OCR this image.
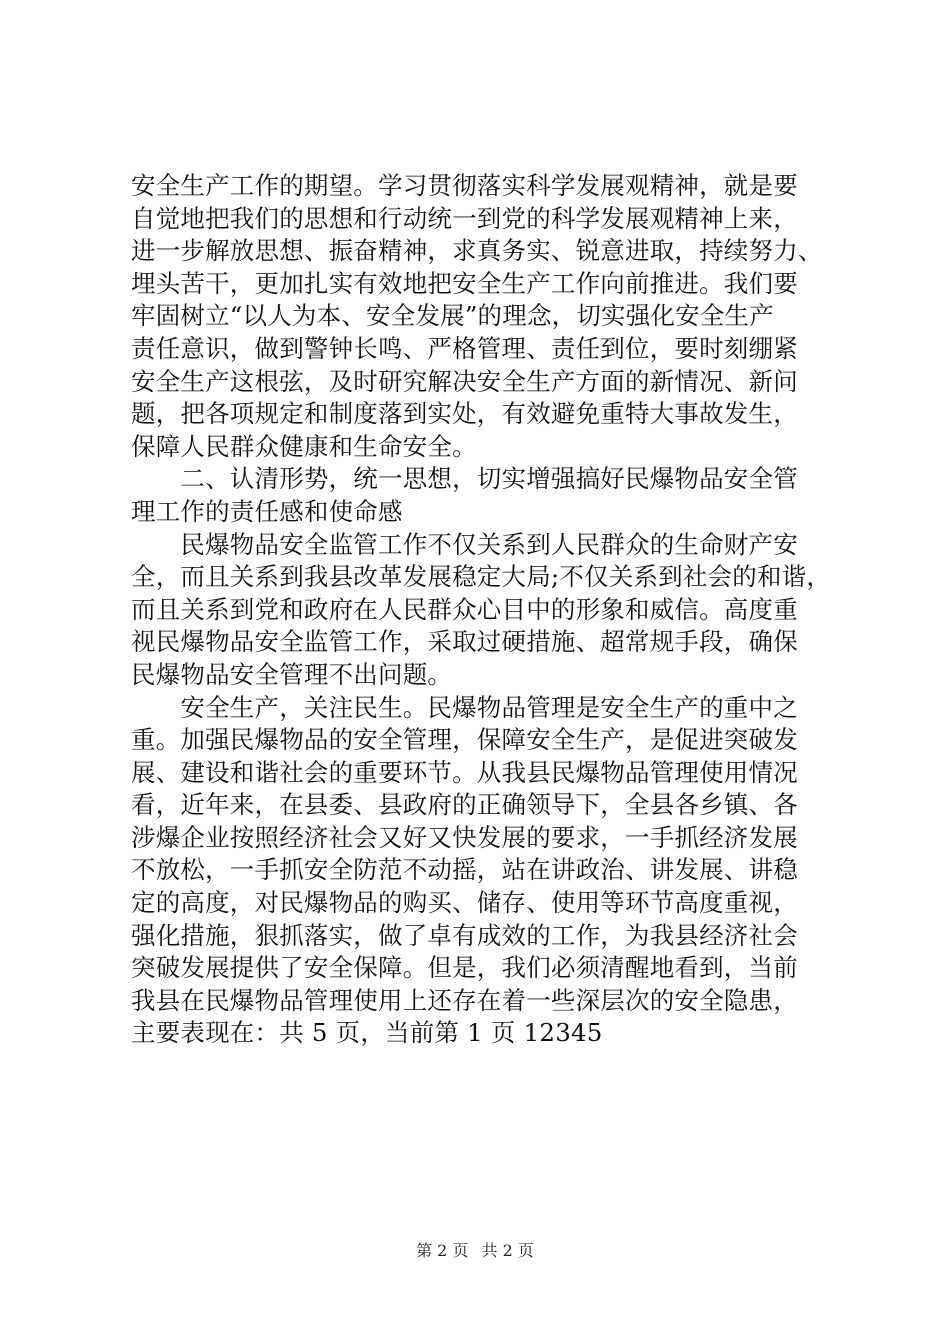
安全生产工作的期望。学习贯彻落实科学发展观精神，就是要
自觉地把我们的思想和行动统一到党的科学发展观精神上来，
进一步解放思想、振奋精神，求真务实、锐意进取，持续努力、
埋头苦干，更加扎实有效地把安全生产工作向前推进。我们要
牢固树立“以人为本、安全发展”的理念，切实强化安全生产
责任意识，做到警钟长鸣、严格管理、责任到位，要时刻绷紧
安全生产这根弦，及时研究解决安全生产方面的新情况、新问
题，把各项规定和制度落到实处，有效避免重特大事故发生，
保障人民群众健康和生命安全。
　　二、认清形势，统一思想，切实增强搞好民爆物品安全管
理工作的责任感和使命感
　　民爆物品安全监管工作不仅关系到人民群众的生命财产安
全，而且关系到我县改革发展稳定大局;不仅关系到社会的和谐，
而且关系到党和政府在人民群众心目中的形象和威信。高度重
视民爆物品安全监管工作，采取过硬措施、超常规手段，确保
民爆物品安全管理不出问题。
　　安全生产，关注民生。民爆物品管理是安全生产的重中之
重。加强民爆物品的安全管理，保障安全生产，是促进突破发
展、建设和谐社会的重要环节。从我县民爆物品管理使用情况
看，近年来，在县委、县政府的正确领导下，全县各乡镇、各
涉爆企业按照经济社会又好又快发展的要求，一手抓经济发展
不放松，一手抓安全防范不动摇，站在讲政治、讲发展、讲稳
定的高度，对民爆物品的购买、储存、使用等环节高度重视，
强化措施，狠抓落实，做了卓有成效的工作，为我县经济社会
突破发展提供了安全保障。但是，我们必须清醒地看到，当前
我县在民爆物品管理使用上还存在着一些深层次的安全隐患，
主要表现在：共 5 页，当前第 1 页 12345
第 2 页 共 2 页
